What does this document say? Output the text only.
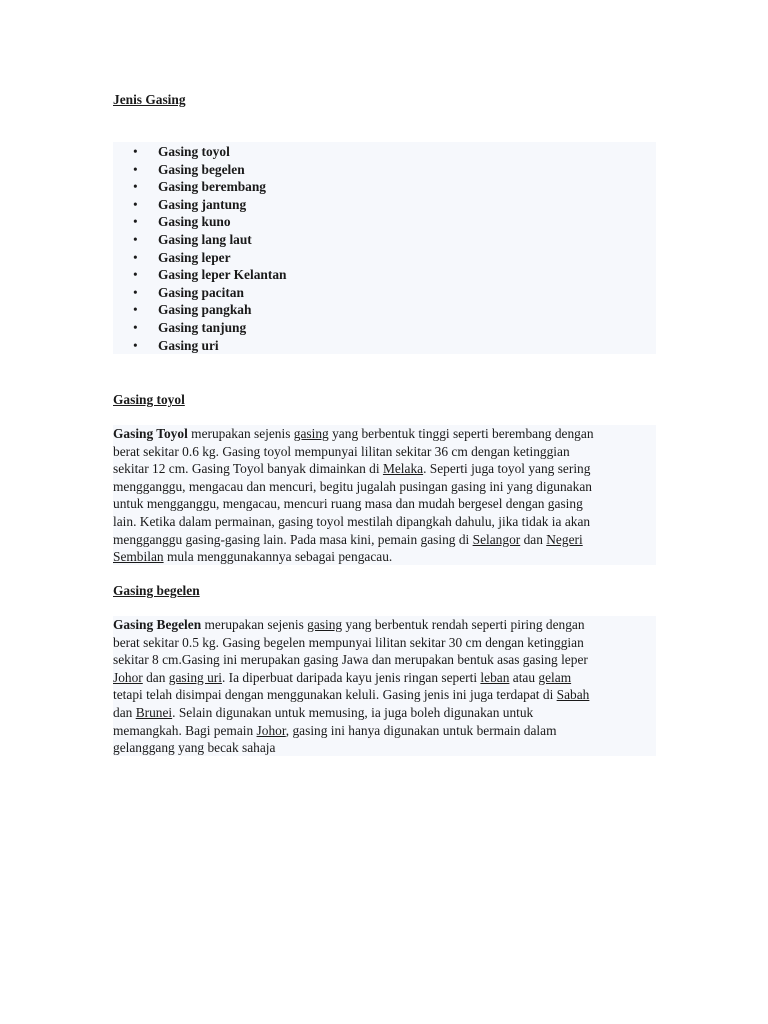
Jenis Gasing
• Gasing toyol
• Gasing begelen
• Gasing berembang
• Gasing jantung
• Gasing kuno
• Gasing lang laut
• Gasing leper
• Gasing leper Kelantan
• Gasing pacitan
• Gasing pangkah
• Gasing tanjung
• Gasing uri
Gasing toyol
Gasing Toyol merupakan sejenis gasing yang berbentuk tinggi seperti berembang dengan
berat sekitar 0.6 kg. Gasing toyol mempunyai lilitan sekitar 36 cm dengan ketinggian
sekitar 12 cm. Gasing Toyol banyak dimainkan di Melaka. Seperti juga toyol yang sering
mengganggu, mengacau dan mencuri, begitu jugalah pusingan gasing ini yang digunakan
untuk mengganggu, mengacau, mencuri ruang masa dan mudah bergesel dengan gasing
lain. Ketika dalam permainan, gasing toyol mestilah dipangkah dahulu, jika tidak ia akan
mengganggu gasing-gasing lain. Pada masa kini, pemain gasing di Selangor dan Negeri
Sembilan mula menggunakannya sebagai pengacau.
Gasing begelen
Gasing Begelen merupakan sejenis gasing yang berbentuk rendah seperti piring dengan
berat sekitar 0.5 kg. Gasing begelen mempunyai lilitan sekitar 30 cm dengan ketinggian
sekitar 8 cm.Gasing ini merupakan gasing Jawa dan merupakan bentuk asas gasing leper
Johor dan gasing uri. Ia diperbuat daripada kayu jenis ringan seperti leban atau gelam
tetapi telah disimpai dengan menggunakan keluli. Gasing jenis ini juga terdapat di Sabah
dan Brunei. Selain digunakan untuk memusing, ia juga boleh digunakan untuk
memangkah. Bagi pemain Johor, gasing ini hanya digunakan untuk bermain dalam
gelanggang yang becak sahaja
